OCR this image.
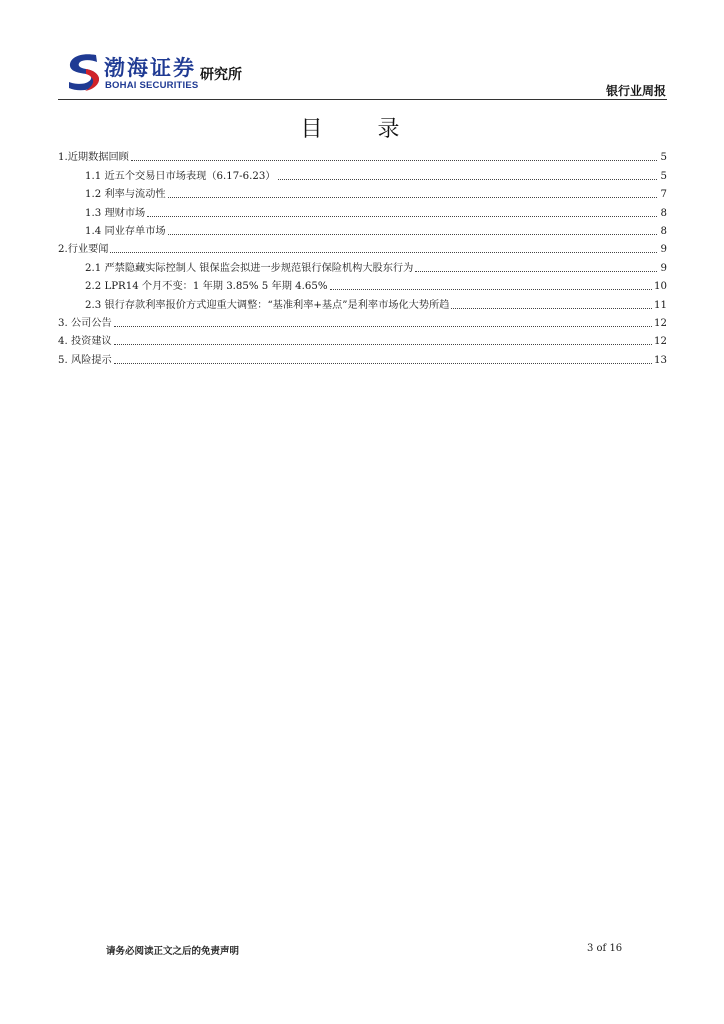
渤海证券
BOHAI SECURITIES
研究所
银行业周报
目 录
1.近期数据回顾	5
1.1 近五个交易日市场表现（6.17-6.23）	5
1.2 利率与流动性	7
1.3 理财市场	8
1.4 同业存单市场	8
2.行业要闻	9
2.1 严禁隐藏实际控制人 银保监会拟进一步规范银行保险机构大股东行为	9
2.2 LPR14 个月不变：1 年期 3.85% 5 年期 4.65%	10
2.3 银行存款利率报价方式迎重大调整：“基准利率+基点”是利率市场化大势所趋	11
3. 公司公告	12
4. 投资建议	12
5. 风险提示	13
请务必阅读正文之后的免责声明	3 of 16
